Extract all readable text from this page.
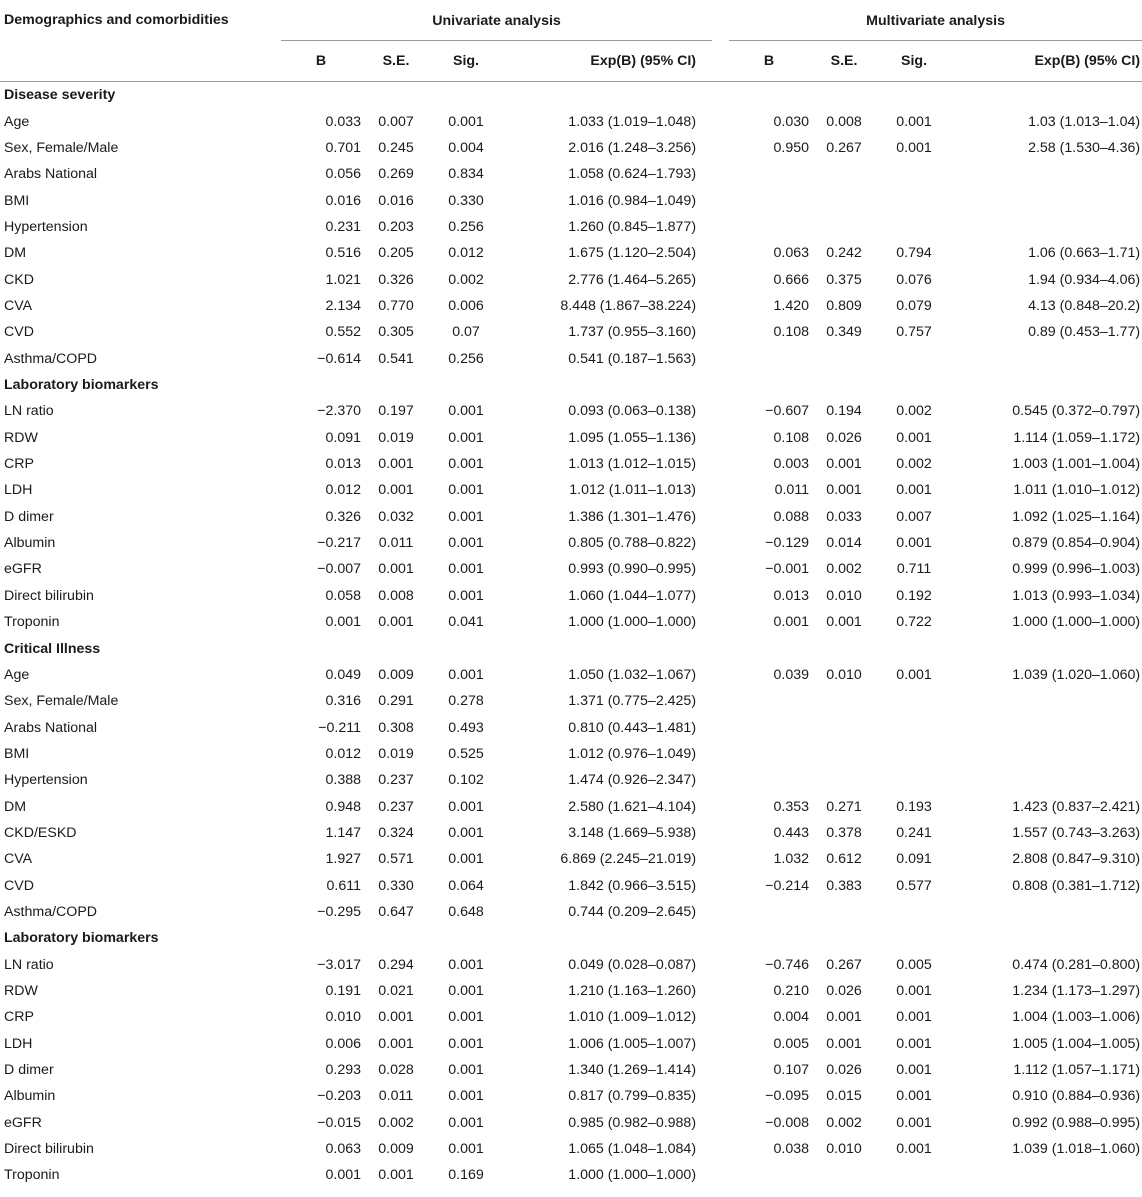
Demographics and comorbidities	Univariate analysis					Multivariate analysis			
	B	S.E.	Sig.	Exp(B) (95% CI)		B	S.E.	Sig.	Exp(B) (95% CI)
Disease severity									
Age	0.033	0.007	0.001	1.033 (1.019–1.048)		0.030	0.008	0.001	1.03 (1.013–1.04)
Sex, Female/Male	0.701	0.245	0.004	2.016 (1.248–3.256)		0.950	0.267	0.001	2.58 (1.530–4.36)
Arabs National	0.056	0.269	0.834	1.058 (0.624–1.793)					
BMI	0.016	0.016	0.330	1.016 (0.984–1.049)					
Hypertension	0.231	0.203	0.256	1.260 (0.845–1.877)					
DM	0.516	0.205	0.012	1.675 (1.120–2.504)		0.063	0.242	0.794	1.06 (0.663–1.71)
CKD	1.021	0.326	0.002	2.776 (1.464–5.265)		0.666	0.375	0.076	1.94 (0.934–4.06)
CVA	2.134	0.770	0.006	8.448 (1.867–38.224)		1.420	0.809	0.079	4.13 (0.848–20.2)
CVD	0.552	0.305	0.07	1.737 (0.955–3.160)		0.108	0.349	0.757	0.89 (0.453–1.77)
Asthma/COPD	−0.614	0.541	0.256	0.541 (0.187–1.563)					
Laboratory biomarkers									
LN ratio	−2.370	0.197	0.001	0.093 (0.063–0.138)		−0.607	0.194	0.002	0.545 (0.372–0.797)
RDW	0.091	0.019	0.001	1.095 (1.055–1.136)		0.108	0.026	0.001	1.114 (1.059–1.172)
CRP	0.013	0.001	0.001	1.013 (1.012–1.015)		0.003	0.001	0.002	1.003 (1.001–1.004)
LDH	0.012	0.001	0.001	1.012 (1.011–1.013)		0.011	0.001	0.001	1.011 (1.010–1.012)
D dimer	0.326	0.032	0.001	1.386 (1.301–1.476)		0.088	0.033	0.007	1.092 (1.025–1.164)
Albumin	−0.217	0.011	0.001	0.805 (0.788–0.822)		−0.129	0.014	0.001	0.879 (0.854–0.904)
eGFR	−0.007	0.001	0.001	0.993 (0.990–0.995)		−0.001	0.002	0.711	0.999 (0.996–1.003)
Direct bilirubin	0.058	0.008	0.001	1.060 (1.044–1.077)		0.013	0.010	0.192	1.013 (0.993–1.034)
Troponin	0.001	0.001	0.041	1.000 (1.000–1.000)		0.001	0.001	0.722	1.000 (1.000–1.000)
Critical Illness									
Age	0.049	0.009	0.001	1.050 (1.032–1.067)		0.039	0.010	0.001	1.039 (1.020–1.060)
Sex, Female/Male	0.316	0.291	0.278	1.371 (0.775–2.425)					
Arabs National	−0.211	0.308	0.493	0.810 (0.443–1.481)					
BMI	0.012	0.019	0.525	1.012 (0.976–1.049)					
Hypertension	0.388	0.237	0.102	1.474 (0.926–2.347)					
DM	0.948	0.237	0.001	2.580 (1.621–4.104)		0.353	0.271	0.193	1.423 (0.837–2.421)
CKD/ESKD	1.147	0.324	0.001	3.148 (1.669–5.938)		0.443	0.378	0.241	1.557 (0.743–3.263)
CVA	1.927	0.571	0.001	6.869 (2.245–21.019)		1.032	0.612	0.091	2.808 (0.847–9.310)
CVD	0.611	0.330	0.064	1.842 (0.966–3.515)		−0.214	0.383	0.577	0.808 (0.381–1.712)
Asthma/COPD	−0.295	0.647	0.648	0.744 (0.209–2.645)					
Laboratory biomarkers									
LN ratio	−3.017	0.294	0.001	0.049 (0.028–0.087)		−0.746	0.267	0.005	0.474 (0.281–0.800)
RDW	0.191	0.021	0.001	1.210 (1.163–1.260)		0.210	0.026	0.001	1.234 (1.173–1.297)
CRP	0.010	0.001	0.001	1.010 (1.009–1.012)		0.004	0.001	0.001	1.004 (1.003–1.006)
LDH	0.006	0.001	0.001	1.006 (1.005–1.007)		0.005	0.001	0.001	1.005 (1.004–1.005)
D dimer	0.293	0.028	0.001	1.340 (1.269–1.414)		0.107	0.026	0.001	1.112 (1.057–1.171)
Albumin	−0.203	0.011	0.001	0.817 (0.799–0.835)		−0.095	0.015	0.001	0.910 (0.884–0.936)
eGFR	−0.015	0.002	0.001	0.985 (0.982–0.988)		−0.008	0.002	0.001	0.992 (0.988–0.995)
Direct bilirubin	0.063	0.009	0.001	1.065 (1.048–1.084)		0.038	0.010	0.001	1.039 (1.018–1.060)
Troponin	0.001	0.001	0.169	1.000 (1.000–1.000)					
